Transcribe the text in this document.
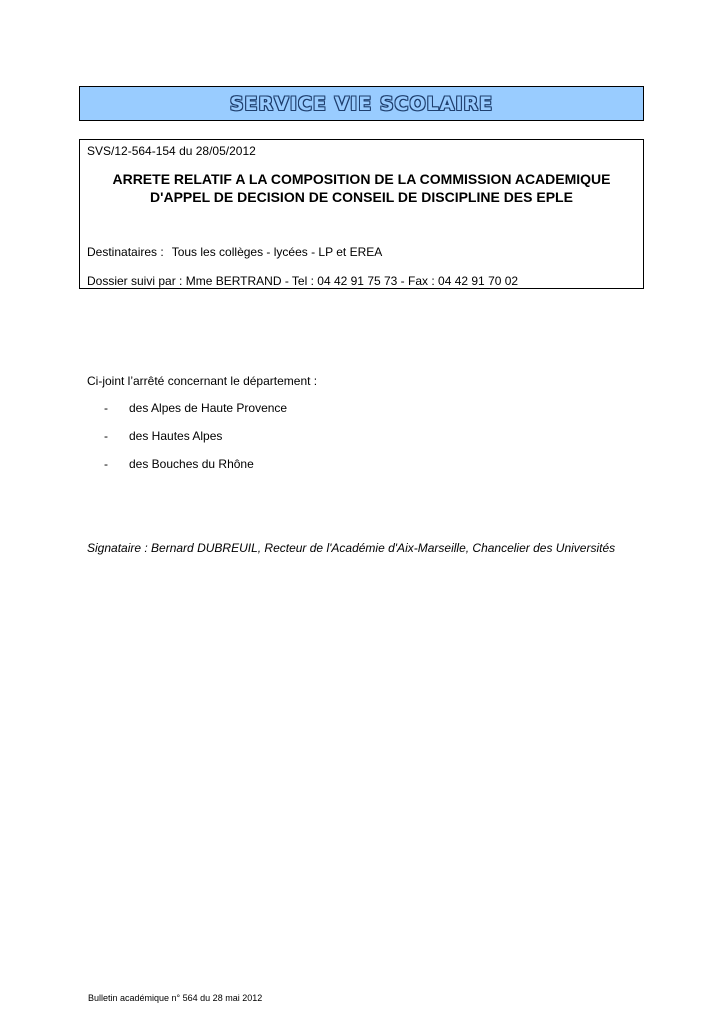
SERVICE VIE SCOLAIRE
SVS/12-564-154 du 28/05/2012
ARRETE RELATIF A LA COMPOSITION DE LA COMMISSION ACADEMIQUE
D'APPEL DE DECISION DE CONSEIL DE DISCIPLINE DES EPLE
Destinataires : Tous les collèges - lycées - LP et EREA
Dossier suivi par : Mme BERTRAND - Tel : 04 42 91 75 73 - Fax : 04 42 91 70 02
Ci-joint l’arrêté concernant le département :
-	des Alpes de Haute Provence
-	des Hautes Alpes
-	des Bouches du Rhône
Signataire : Bernard DUBREUIL, Recteur de l'Académie d'Aix-Marseille, Chancelier des Universités
Bulletin académique n° 564 du 28 mai 2012
